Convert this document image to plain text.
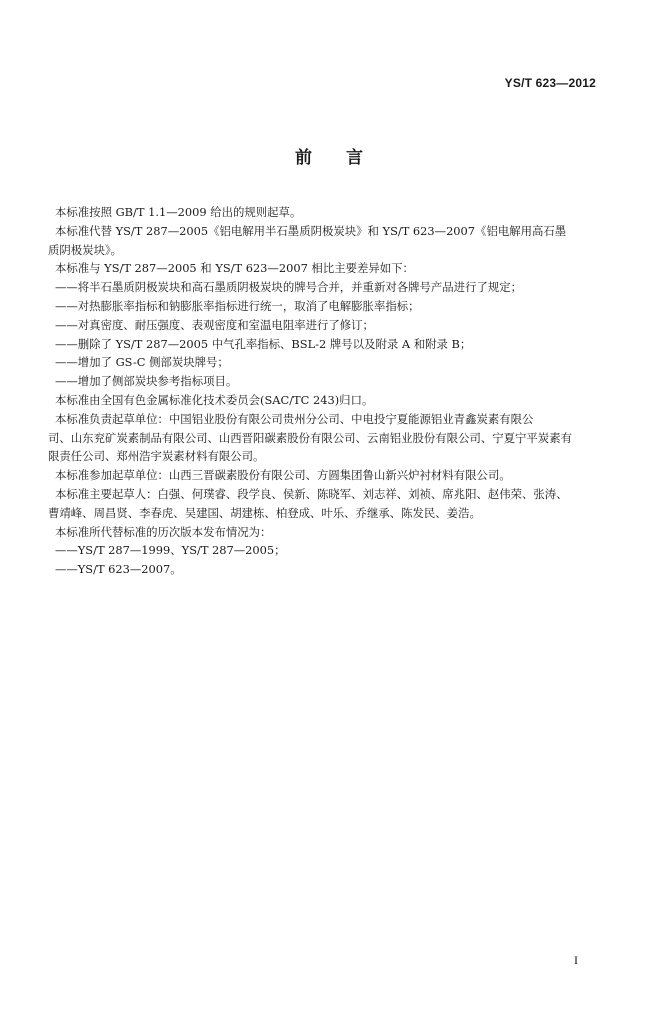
YS/T 623—2012
前 言

本标准按照 GB/T 1.1—2009 给出的规则起草。

本标准代替 YS/T 287—2005《铝电解用半石墨质阴极炭块》和 YS/T 623—2007《铝电解用高石墨
质阴极炭块》。

本标准与 YS/T 287—2005 和 YS/T 623—2007 相比主要差异如下：

——将半石墨质阴极炭块和高石墨质阴极炭块的牌号合并，并重新对各牌号产品进行了规定；

——对热膨胀率指标和钠膨胀率指标进行统一，取消了电解膨胀率指标；

——对真密度、耐压强度、表观密度和室温电阻率进行了修订；

——删除了 YS/T 287—2005 中气孔率指标、BSL-2 牌号以及附录 A 和附录 B；

——增加了 GS-C 侧部炭块牌号；

——增加了侧部炭块参考指标项目。

本标准由全国有色金属标准化技术委员会(SAC/TC 243)归口。

本标准负责起草单位：中国铝业股份有限公司贵州分公司、中电投宁夏能源铝业青鑫炭素有限公
司、山东兖矿炭素制品有限公司、山西晋阳碳素股份有限公司、云南铝业股份有限公司、宁夏宁平炭素有
限责任公司、郑州浩宇炭素材料有限公司。

本标准参加起草单位：山西三晋碳素股份有限公司、方圆集团鲁山新兴炉衬材料有限公司。

本标准主要起草人：白强、何璞睿、段学良、侯新、陈晓军、刘志祥、刘祯、席兆阳、赵伟荣、张涛、
曹靖峰、周昌贤、李春虎、吴建国、胡建栋、柏登成、叶乐、乔继承、陈发民、姜浩。

本标准所代替标准的历次版本发布情况为：

——YS/T 287—1999、YS/T 287—2005；

——YS/T 623—2007。

I
